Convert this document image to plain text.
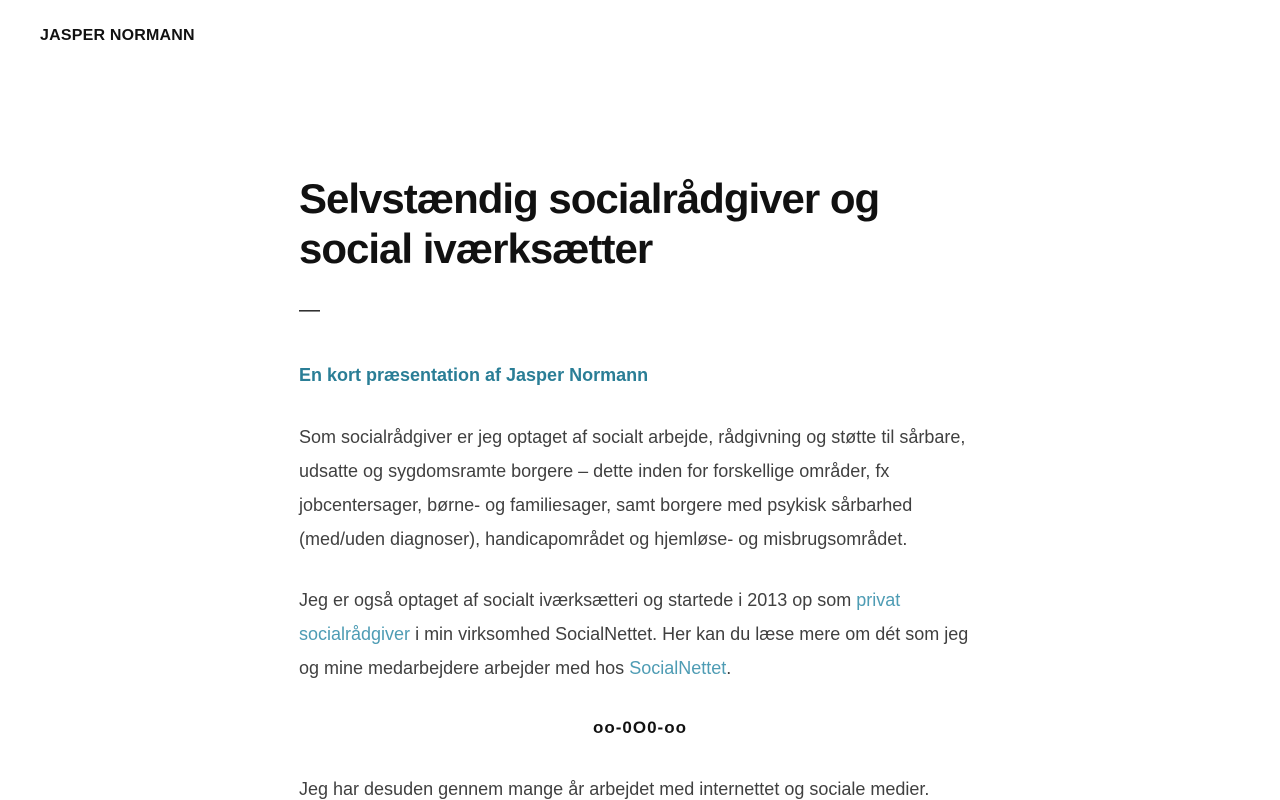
JASPER NORMANN
Selvstændig socialrådgiver og social iværksætter
—
En kort præsentation af Jasper Normann

Som socialrådgiver er jeg optaget af socialt arbejde, rådgivning og støtte til sårbare, udsatte og sygdomsramte borgere – dette inden for forskellige områder, fx jobcentersager, børne- og familiesager, samt borgere med psykisk sårbarhed (med/uden diagnoser), handicapområdet og hjemløse- og misbrugsområdet.

Jeg er også optaget af socialt iværksætteri og startede i 2013 op som privat socialrådgiver i min virksomhed SocialNettet. Her kan du læse mere om dét som jeg og mine medarbejdere arbejder med hos SocialNettet.

oo-0O0-oo

Jeg har desuden gennem mange år arbejdet med internettet og sociale medier.
